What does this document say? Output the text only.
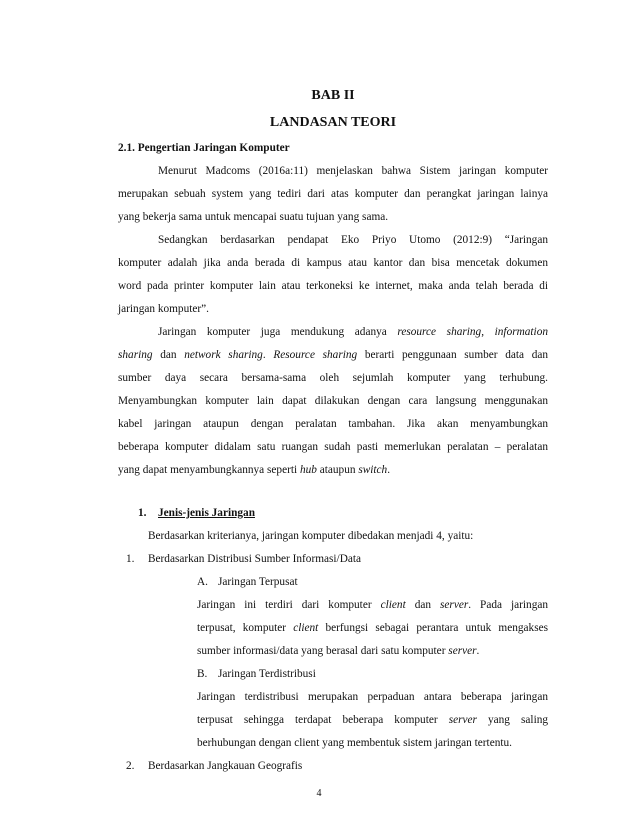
BAB II
LANDASAN TEORI
2.1. Pengertian Jaringan Komputer
Menurut Madcoms (2016a:11) menjelaskan bahwa Sistem jaringan komputer
merupakan sebuah system yang tediri dari atas komputer dan perangkat jaringan lainya
yang bekerja sama untuk mencapai suatu tujuan yang sama.
Sedangkan berdasarkan pendapat Eko Priyo Utomo (2012:9) “Jaringan
komputer adalah jika anda berada di kampus atau kantor dan bisa mencetak dokumen
word pada printer komputer lain atau terkoneksi ke internet, maka anda telah berada di
jaringan komputer”.
Jaringan komputer juga mendukung adanya resource sharing, information
sharing dan network sharing. Resource sharing berarti penggunaan sumber data dan
sumber daya secara bersama-sama oleh sejumlah komputer yang terhubung.
Menyambungkan komputer lain dapat dilakukan dengan cara langsung menggunakan
kabel jaringan ataupun dengan peralatan tambahan. Jika akan menyambungkan
beberapa komputer didalam satu ruangan sudah pasti memerlukan peralatan – peralatan
yang dapat menyambungkannya seperti hub ataupun switch.
1.	Jenis-jenis Jaringan
Berdasarkan kriterianya, jaringan komputer dibedakan menjadi 4, yaitu:
1.	Berdasarkan Distribusi Sumber Informasi/Data
A. Jaringan Terpusat
Jaringan ini terdiri dari komputer client dan server. Pada jaringan
terpusat, komputer client berfungsi sebagai perantara untuk mengakses
sumber informasi/data yang berasal dari satu komputer server.
B. Jaringan Terdistribusi
Jaringan terdistribusi merupakan perpaduan antara beberapa jaringan
terpusat sehingga terdapat beberapa komputer server yang saling
berhubungan dengan client yang membentuk sistem jaringan tertentu.
2.	Berdasarkan Jangkauan Geografis
4
